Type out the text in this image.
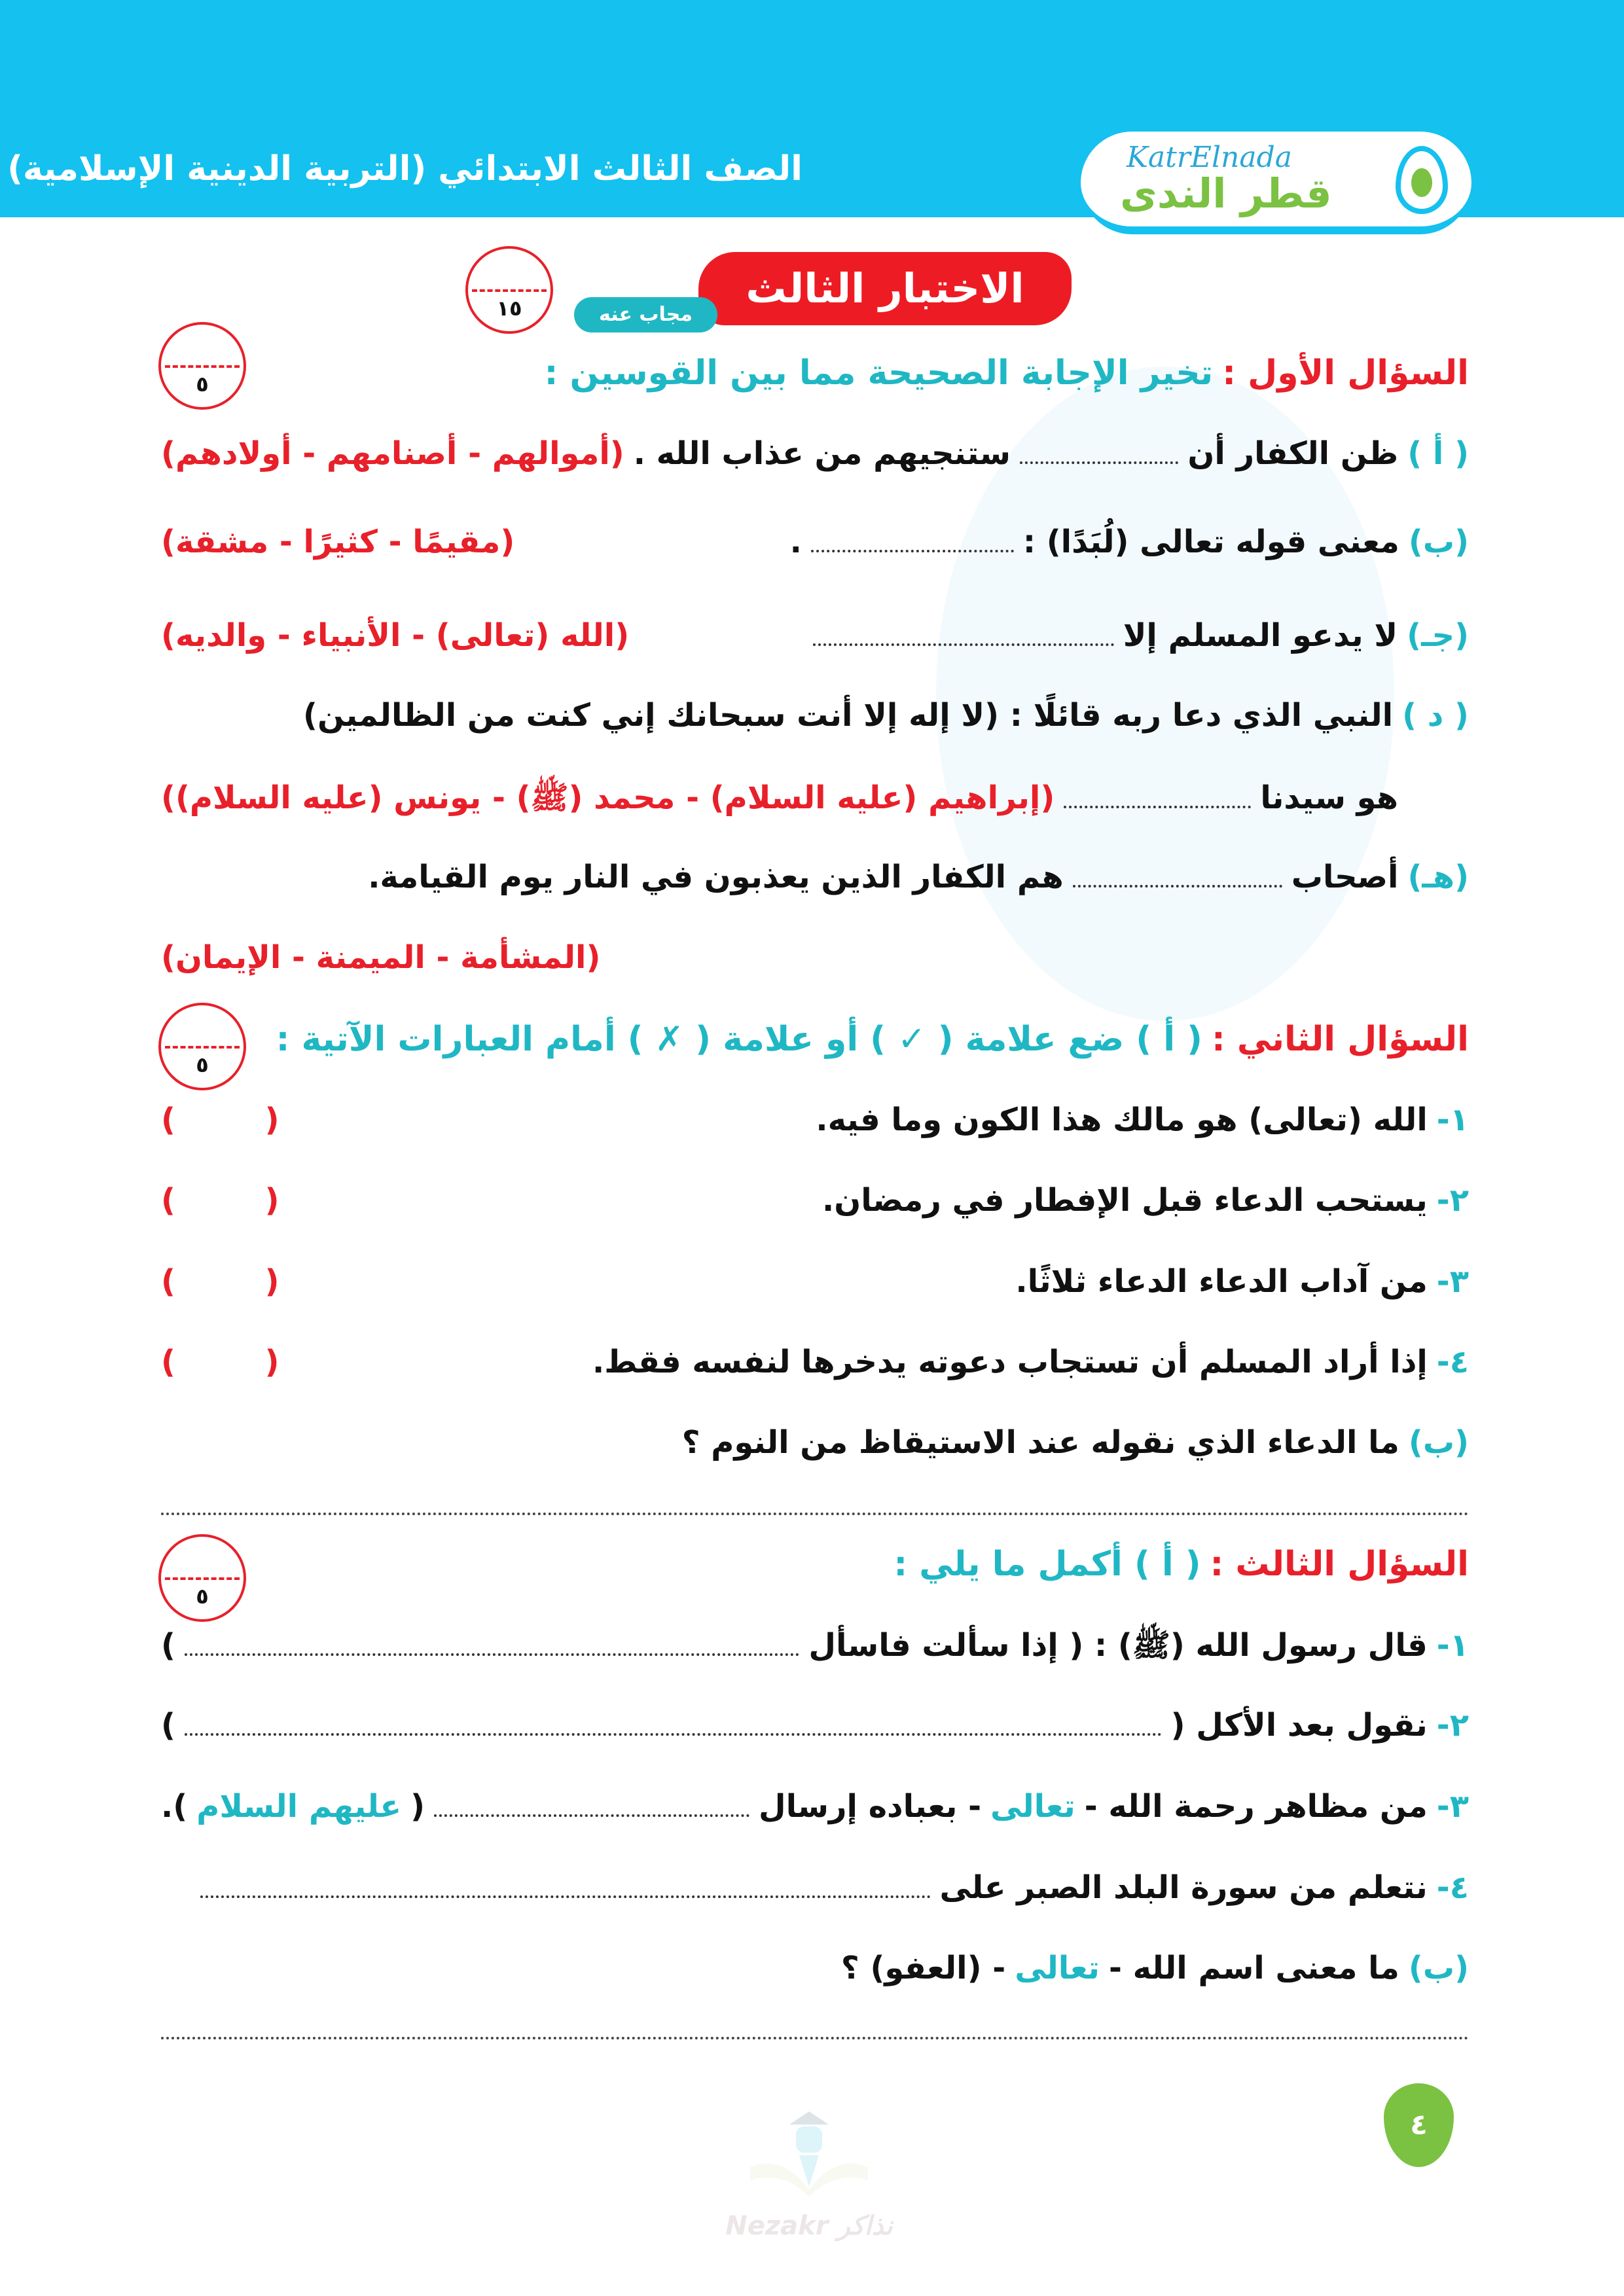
الصف الثالث الابتدائي (التربية الدينية الإسلامية)	KatrElnada
قطر الندى
الاختبار الثالث
مجاب عنه
١٥
٥	السؤال الأول :
تخير الإجابة الصحيحة مما بين القوسين :
( أ )
ظن الكفار أن
ستنجيهم من عذاب الله .
(أموالهم - أصنامهم - أولادهم)
(ب)
معنى قوله تعالى (لُبَدًا) :
.
(مقيمًا - كثيرًا - مشقة)
(جـ)
لا يدعو المسلم إلا
(الله (تعالى) - الأنبياء - والديه)
( د )
النبي الذي دعا ربه قائلًا : (لا إله إلا أنت سبحانك إني كنت من الظالمين)
هو سيدنا
(إبراهيم (عليه السلام) - محمد (ﷺ) - يونس (عليه السلام))
(هـ)
أصحاب
هم الكفار الذين يعذبون في النار يوم القيامة.
(المشأمة - الميمنة - الإيمان)
٥
السؤال الثاني :
( أ ) ضع علامة ( ✓ ) أو علامة ( ✗ ) أمام العبارات الآتية :
١-
الله (تعالى) هو مالك هذا الكون وما فيه.
( )
٢-
يستحب الدعاء قبل الإفطار في رمضان.
( )
٣-
من آداب الدعاء الدعاء ثلاثًا.
( )
٤-
إذا أراد المسلم أن تستجاب دعوته يدخرها لنفسه فقط.
( )
(ب)
ما الدعاء الذي نقوله عند الاستيقاظ من النوم ؟
٥
السؤال الثالث :
( أ ) أكمل ما يلي :
١-
قال رسول الله (ﷺ) : ( إذا سألت فاسأل
)
٢-
نقول بعد الأكل (
)
٣-
من مظاهر رحمة الله -
تعالى
- بعباده إرسال
(
عليهم السلام
).
٤-
نتعلم من سورة البلد الصبر على
(ب)
ما معنى اسم الله -
تعالى
- (العفو) ؟
Nezakr نذاكر
٤
